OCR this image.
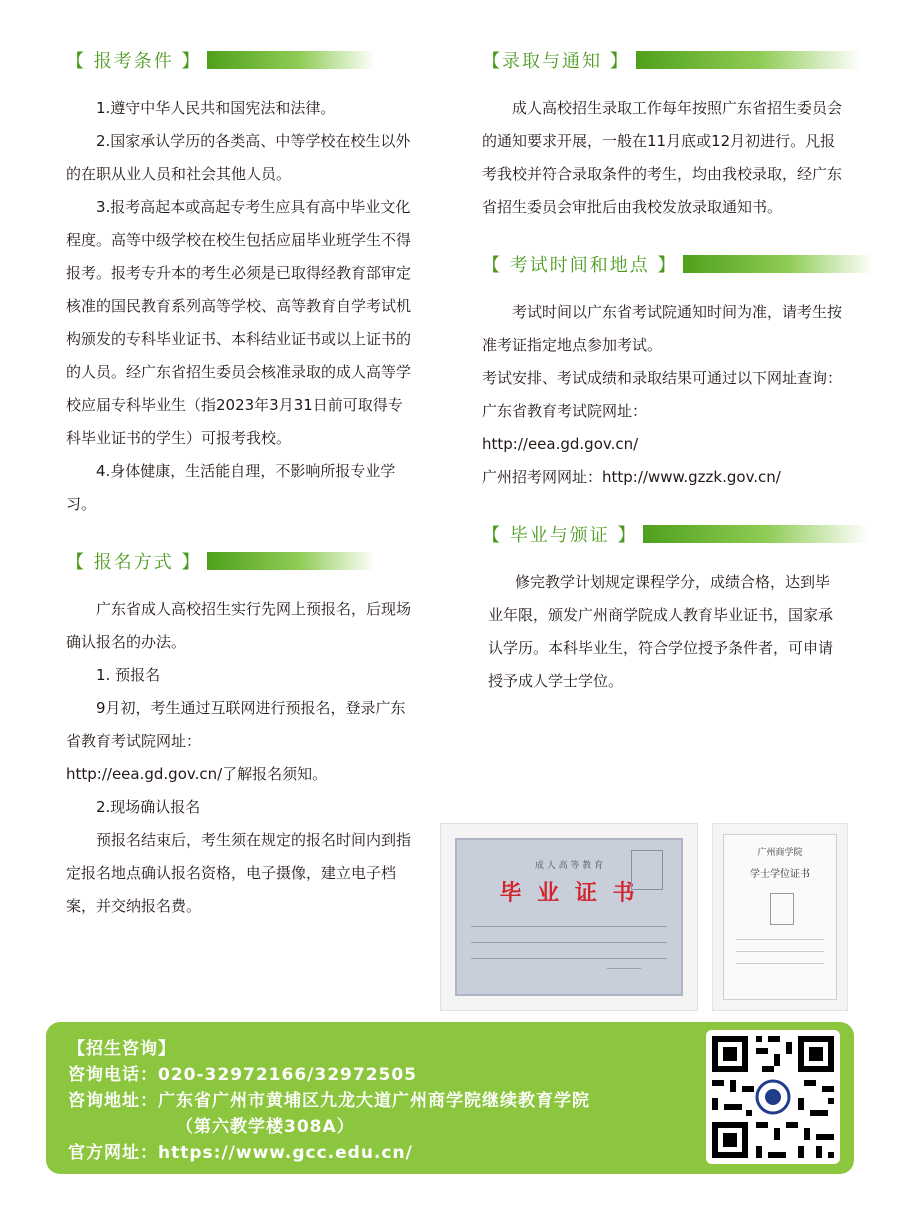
【 报考条件 】

1.遵守中华人民共和国宪法和法律。

2.国家承认学历的各类高、中等学校在校生以外的在职从业人员和社会其他人员。

3.报考高起本或高起专考生应具有高中毕业文化程度。高等中级学校在校生包括应届毕业班学生不得报考。报考专升本的考生必须是已取得经教育部审定核准的国民教育系列高等学校、高等教育自学考试机构颁发的专科毕业证书、本科结业证书或以上证书的的人员。经广东省招生委员会核准录取的成人高等学校应届专科毕业生（指2023年3月31日前可取得专科毕业证书的学生）可报考我校。

4.身体健康，生活能自理，不影响所报专业学习。

【 报名方式 】

广东省成人高校招生实行先网上预报名，后现场确认报名的办法。

1. 预报名

9月初，考生通过互联网进行预报名，登录广东省教育考试院网址：

http://eea.gd.gov.cn/了解报名须知。

2.现场确认报名

预报名结束后，考生须在规定的报名时间内到指定报名地点确认报名资格，电子摄像，建立电子档案，并交纳报名费。

【录取与通知 】

成人高校招生录取工作每年按照广东省招生委员会的通知要求开展，一般在11月底或12月初进行。凡报考我校并符合录取条件的考生，均由我校录取，经广东省招生委员会审批后由我校发放录取通知书。

【 考试时间和地点 】

考试时间以广东省考试院通知时间为准，请考生按准考证指定地点参加考试。

考试安排、考试成绩和录取结果可通过以下网址查询：

广东省教育考试院网址：

http://eea.gd.gov.cn/

广州招考网网址：http://www.gzzk.gov.cn/

【 毕业与颁证 】

修完教学计划规定课程学分，成绩合格，达到毕业年限，颁发广州商学院成人教育毕业证书，国家承认学历。本科毕业生，符合学位授予条件者，可申请授予成人学士学位。

成 人 高 等 教 育
毕 业 证 书
广州商学院
学士学位证书
【招生咨询】
咨询电话：020-32972166/32972505
咨询地址：广东省广州市黄埔区九龙大道广州商学院继续教育学院
（第六教学楼308A）
官方网址：https://www.gcc.edu.cn/
